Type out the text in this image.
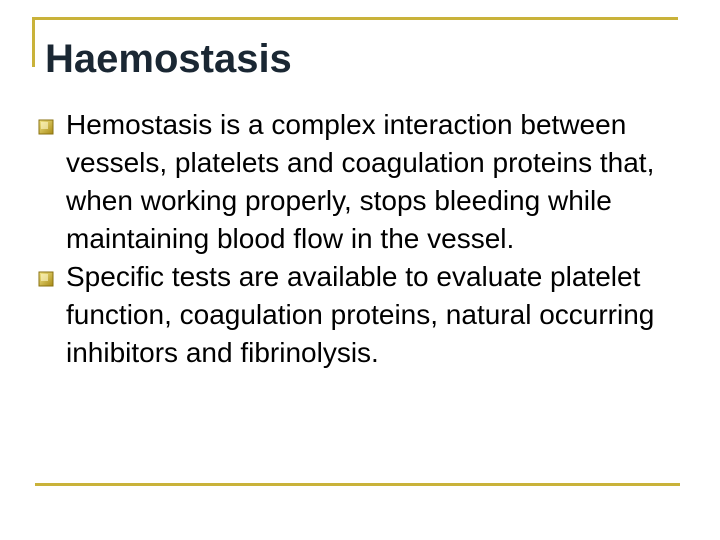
Haemostasis
Hemostasis is a complex interaction between vessels, platelets and coagulation proteins that, when working properly, stops bleeding while maintaining blood flow in the vessel.
Specific tests are available to evaluate platelet function, coagulation proteins, natural occurring inhibitors and fibrinolysis.
